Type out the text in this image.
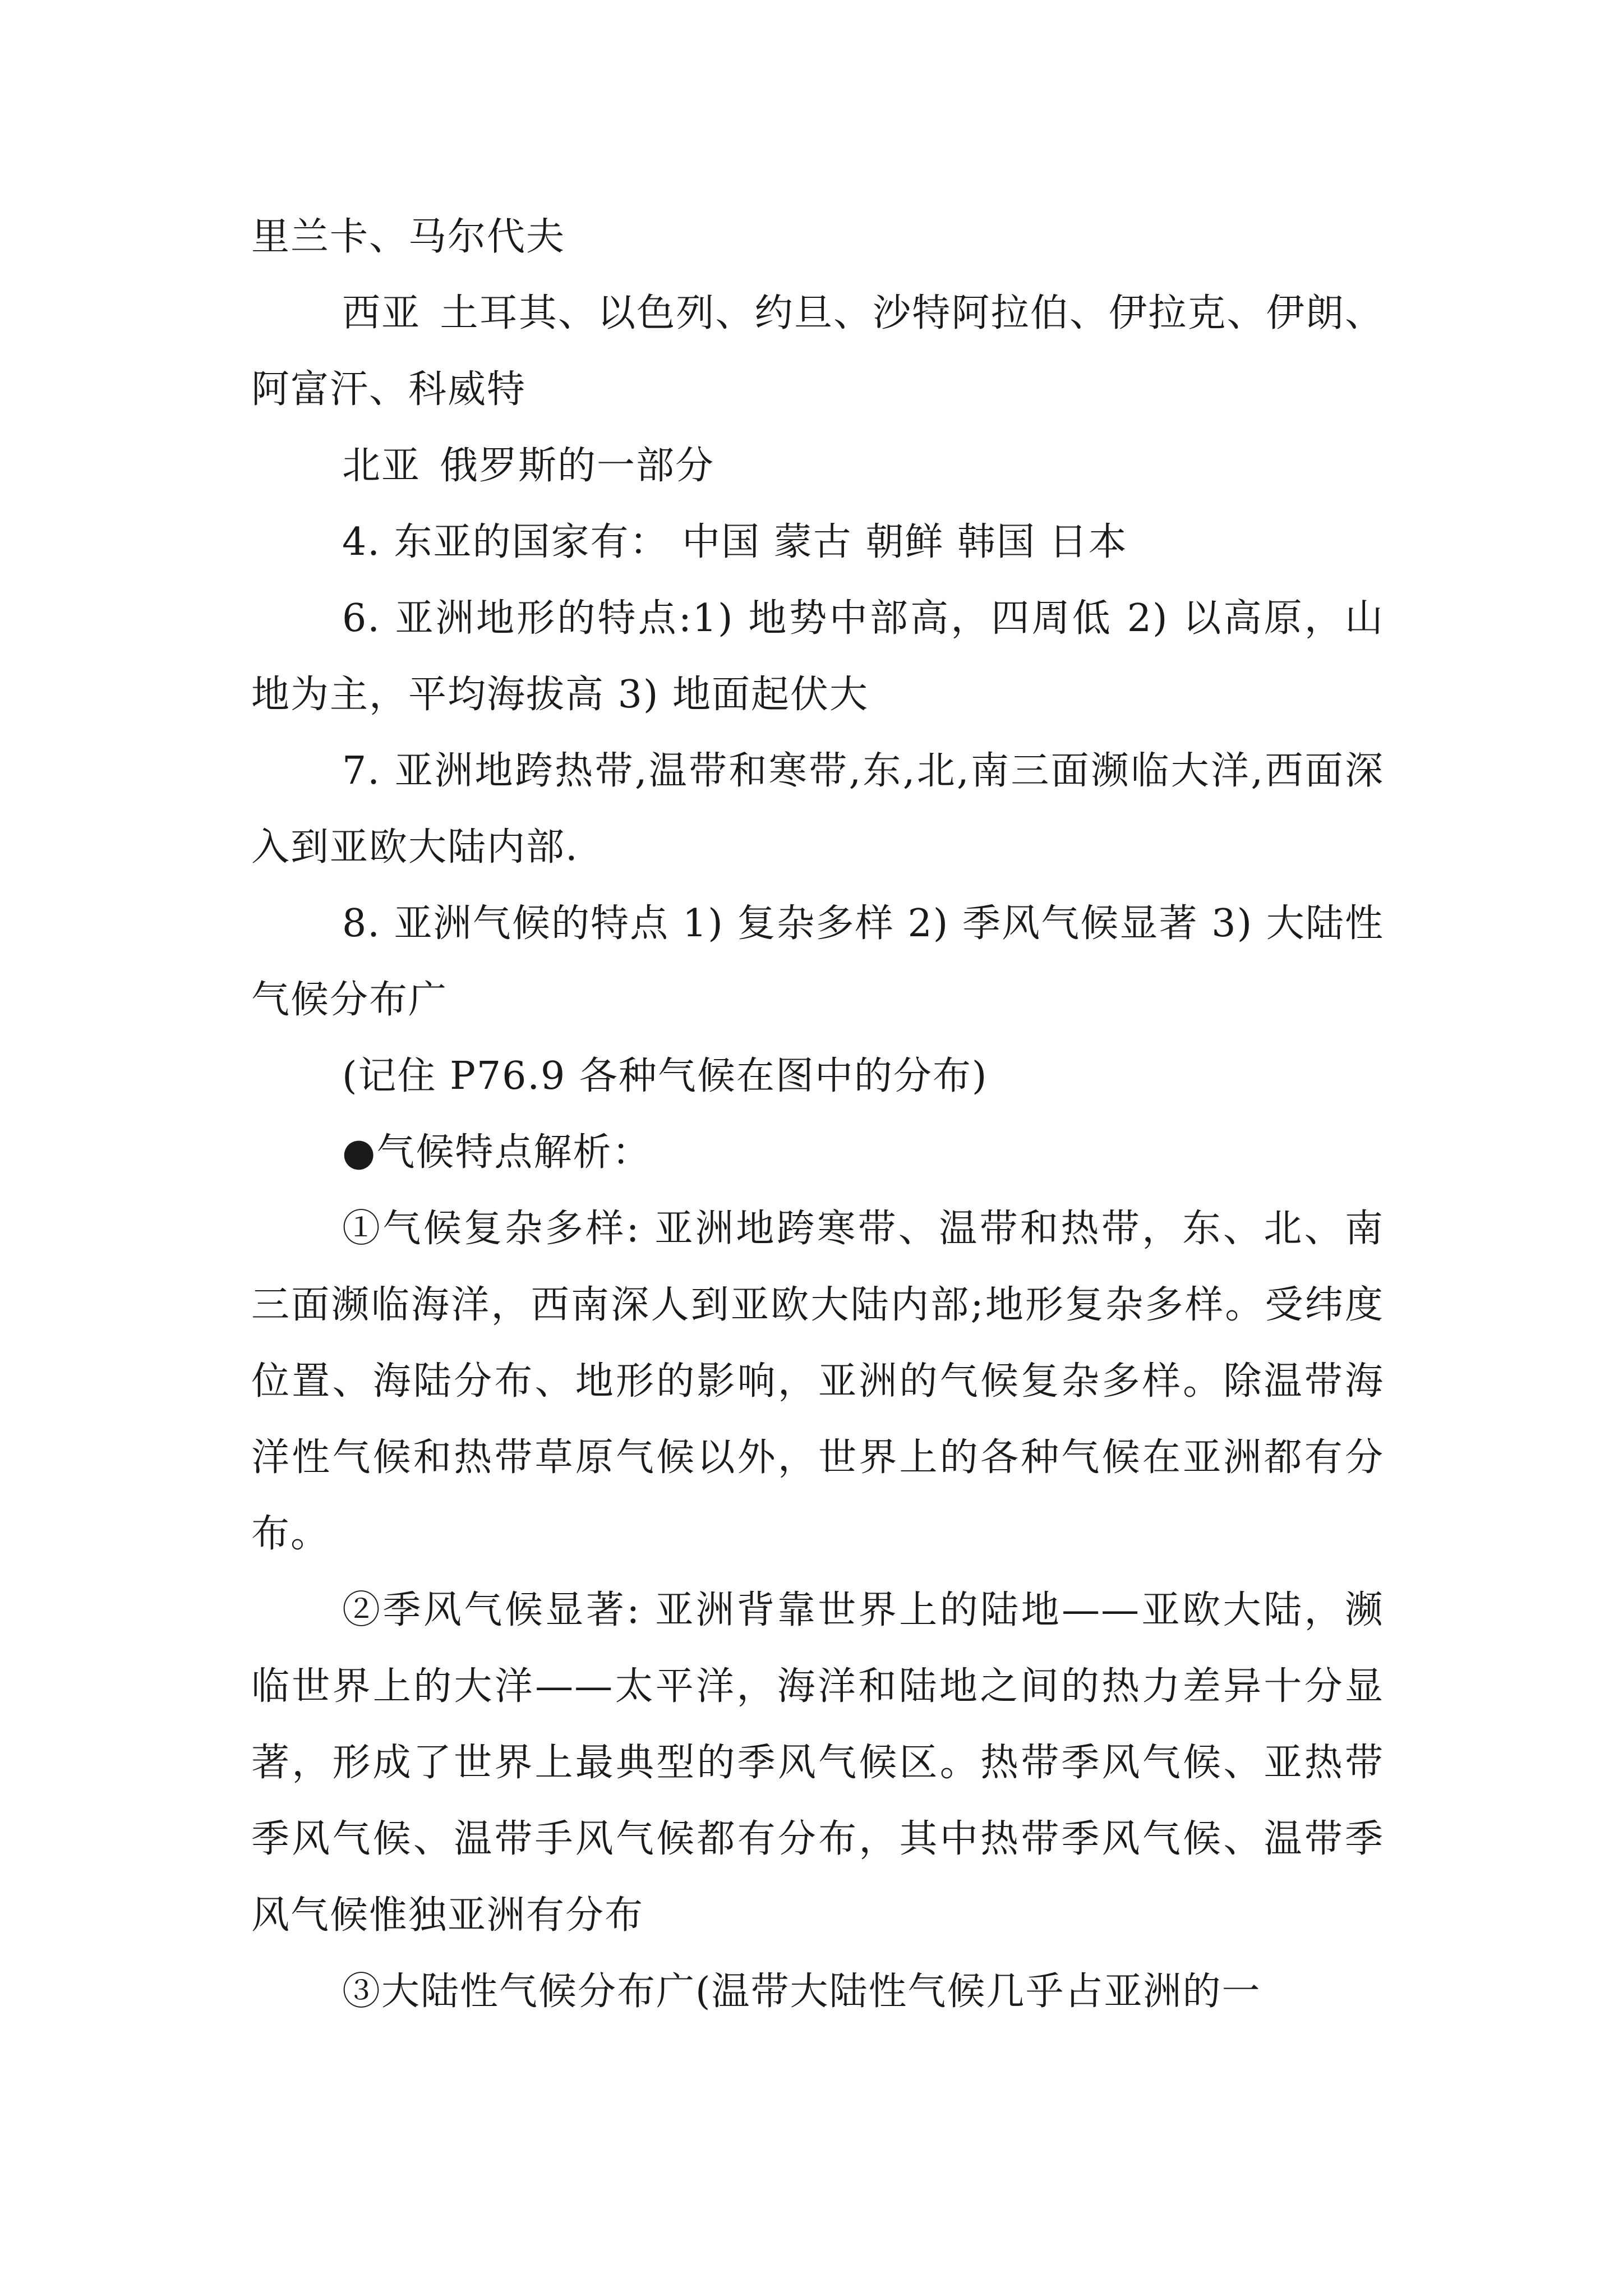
里兰卡、马尔代夫

西亚 土耳其、以色列、约旦、沙特阿拉伯、伊拉克、伊朗、阿富汗、科威特

北亚 俄罗斯的一部分

4. 东亚的国家有： 中国 蒙古 朝鲜 韩国 日本

6. 亚洲地形的特点:1) 地势中部高，四周低 2) 以高原，山地为主，平均海拔高 3) 地面起伏大

7. 亚洲地跨热带,温带和寒带,东,北,南三面濒临大洋,西面深入到亚欧大陆内部.

8. 亚洲气候的特点 1) 复杂多样 2) 季风气候显著 3) 大陆性气候分布广

(记住 P76.9 各种气候在图中的分布)

●气候特点解析：

①气候复杂多样: 亚洲地跨寒带、温带和热带，东、北、南三面濒临海洋，西南深人到亚欧大陆内部;地形复杂多样。受纬度位置、海陆分布、地形的影响，亚洲的气候复杂多样。除温带海洋性气候和热带草原气候以外，世界上的各种气候在亚洲都有分布。

②季风气候显著: 亚洲背靠世界上的陆地——亚欧大陆，濒临世界上的大洋——太平洋，海洋和陆地之间的热力差异十分显著，形成了世界上最典型的季风气候区。热带季风气候、亚热带季风气候、温带手风气候都有分布，其中热带季风气候、温带季风气候惟独亚洲有分布

③大陆性气候分布广(温带大陆性气候几乎占亚洲的一
